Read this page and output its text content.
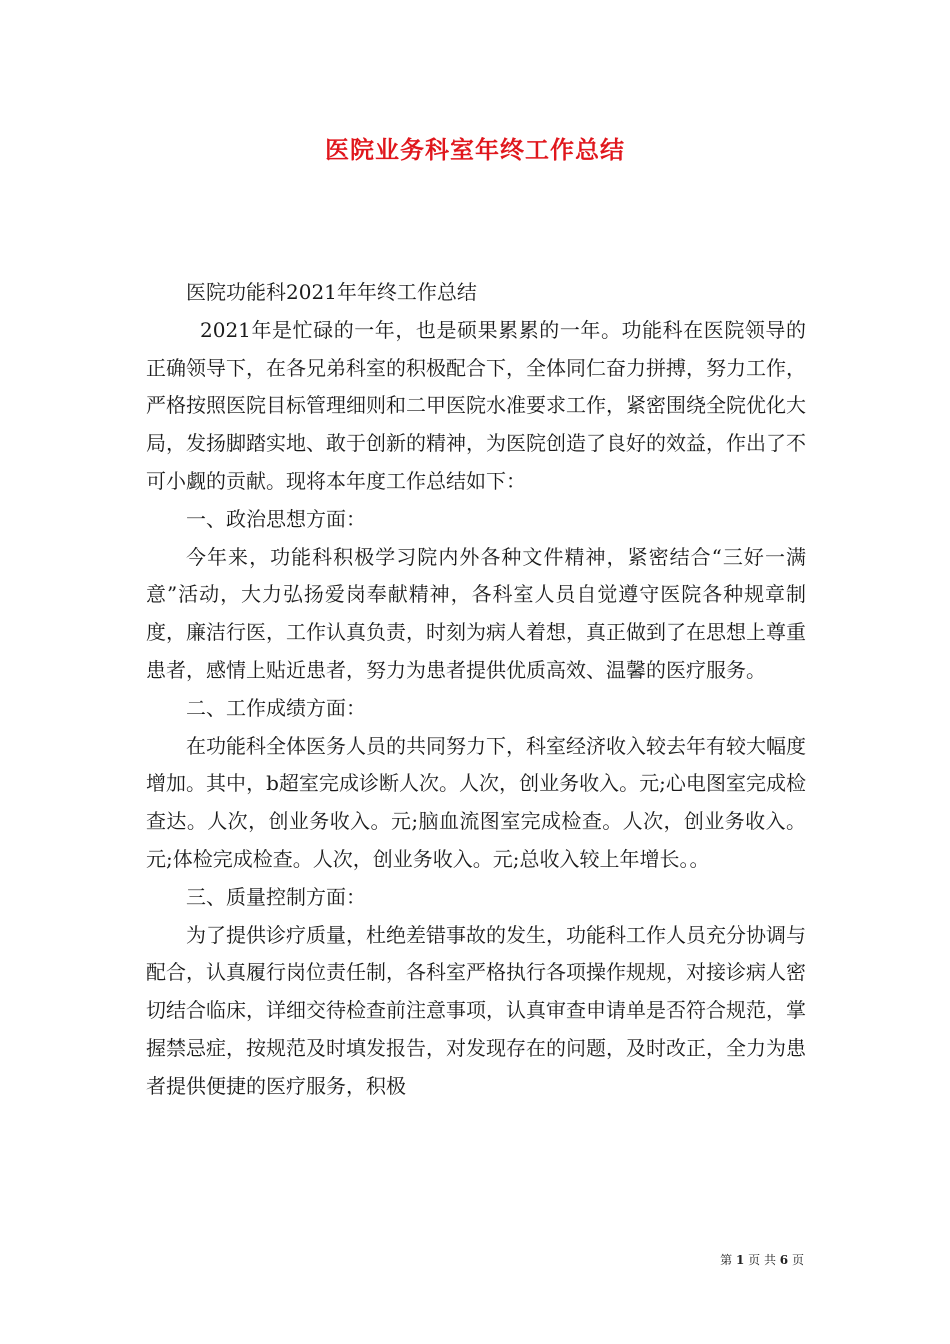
医院业务科室年终工作总结

医院功能科2021年年终工作总结

2021年是忙碌的一年，也是硕果累累的一年。功能科在医院领导的正确领导下，在各兄弟科室的积极配合下，全体同仁奋力拼搏，努力工作，严格按照医院目标管理细则和二甲医院水准要求工作，紧密围绕全院优化大局，发扬脚踏实地、敢于创新的精神，为医院创造了良好的效益，作出了不可小觑的贡献。现将本年度工作总结如下：

一、政治思想方面：

今年来，功能科积极学习院内外各种文件精神，紧密结合“三好一满意”活动，大力弘扬爱岗奉献精神，各科室人员自觉遵守医院各种规章制度，廉洁行医，工作认真负责，时刻为病人着想，真正做到了在思想上尊重患者，感情上贴近患者，努力为患者提供优质高效、温馨的医疗服务。

二、工作成绩方面：

在功能科全体医务人员的共同努力下，科室经济收入较去年有较大幅度增加。其中，b超室完成诊断人次。人次，创业务收入。元;心电图室完成检查达。人次，创业务收入。元;脑血流图室完成检查。人次，创业务收入。元;体检完成检查。人次，创业务收入。元;总收入较上年增长。。

三、质量控制方面：

为了提供诊疗质量，杜绝差错事故的发生，功能科工作人员充分协调与配合，认真履行岗位责任制，各科室严格执行各项操作规规，对接诊病人密切结合临床，详细交待检查前注意事项，认真审查申请单是否符合规范，掌握禁忌症，按规范及时填发报告，对发现存在的问题，及时改正，全力为患者提供便捷的医疗服务，积极

第 1 页 共 6 页
